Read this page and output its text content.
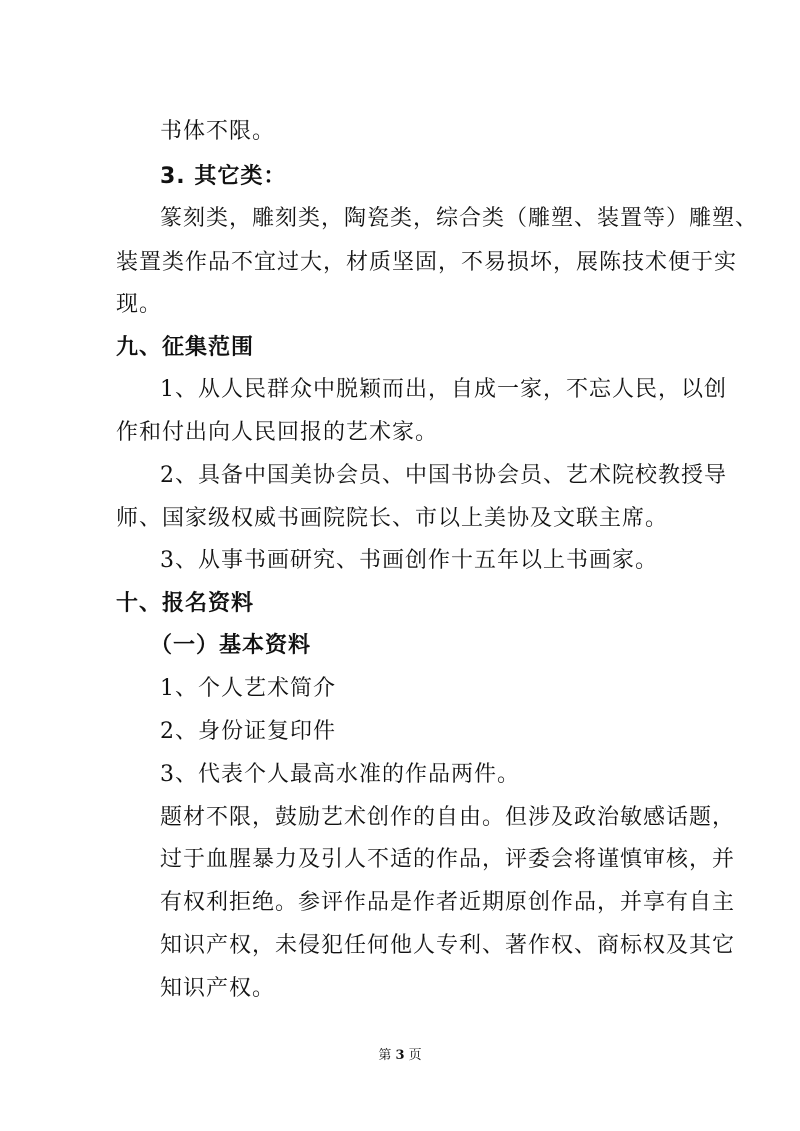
书体不限。
3. 其它类：
篆刻类，雕刻类，陶瓷类，综合类（雕塑、装置等）雕塑、
装置类作品不宜过大，材质坚固，不易损坏，展陈技术便于实
现。
九、征集范围
1、从人民群众中脱颖而出，自成一家，不忘人民，以创
作和付出向人民回报的艺术家。
2、具备中国美协会员、中国书协会员、艺术院校教授导
师、国家级权威书画院院长、市以上美协及文联主席。
3、从事书画研究、书画创作十五年以上书画家。
十、报名资料
（一）基本资料
1、个人艺术简介
2、身份证复印件
3、代表个人最高水准的作品两件。
题材不限，鼓励艺术创作的自由。但涉及政治敏感话题，
过于血腥暴力及引人不适的作品，评委会将谨慎审核，并
有权利拒绝。参评作品是作者近期原创作品，并享有自主
知识产权，未侵犯任何他人专利、著作权、商标权及其它
知识产权。
第 3 页
